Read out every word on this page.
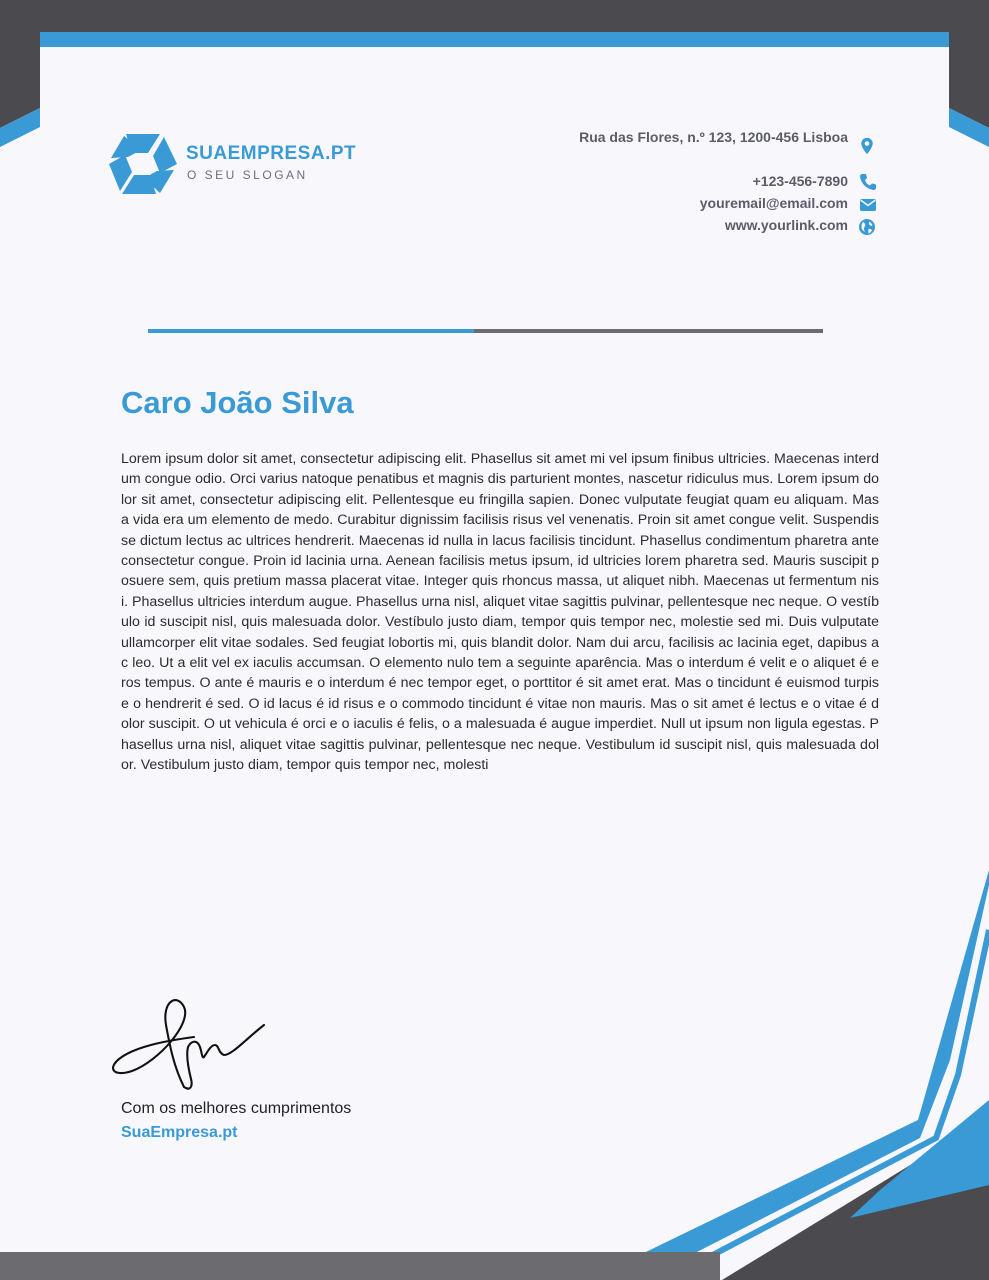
SUAEMPRESA.PT
O SEU SLOGAN
Rua das Flores, n.º 123, 1200-456 Lisboa
+123-456-7890
youremail@email.com
www.yourlink.com
Caro João Silva

Lorem ipsum dolor sit amet, consectetur adipiscing elit. Phasellus sit amet mi vel ipsum finibus ultricies. Maecenas interdum congue odio. Orci varius natoque penatibus et magnis dis parturient montes, nascetur ridiculus mus. Lorem ipsum dolor sit amet, consectetur adipiscing elit. Pellentesque eu fringilla sapien. Donec vulputate feugiat quam eu aliquam. Mas a vida era um elemento de medo. Curabitur dignissim facilisis risus vel venenatis. Proin sit amet congue velit. Suspendisse dictum lectus ac ultrices hendrerit. Maecenas id nulla in lacus facilisis tincidunt. Phasellus condimentum pharetra ante consectetur congue. Proin id lacinia urna. Aenean facilisis metus ipsum, id ultricies lorem pharetra sed. Mauris suscipit posuere sem, quis pretium massa placerat vitae. Integer quis rhoncus massa, ut aliquet nibh. Maecenas ut fermentum nisi. Phasellus ultricies interdum augue. Phasellus urna nisl, aliquet vitae sagittis pulvinar, pellentesque nec neque. O vestíbulo id suscipit nisl, quis malesuada dolor. Vestíbulo justo diam, tempor quis tempor nec, molestie sed mi. Duis vulputate ullamcorper elit vitae sodales. Sed feugiat lobortis mi, quis blandit dolor. Nam dui arcu, facilisis ac lacinia eget, dapibus ac leo. Ut a elit vel ex iaculis accumsan. O elemento nulo tem a seguinte aparência. Mas o interdum é velit e o aliquet é eros tempus. O ante é mauris e o interdum é nec tempor eget, o porttitor é sit amet erat. Mas o tincidunt é euismod turpis e o hendrerit é sed. O id lacus é id risus e o commodo tincidunt é vitae non mauris. Mas o sit amet é lectus e o vitae é dolor suscipit. O ut vehicula é orci e o iaculis é felis, o a malesuada é augue imperdiet. Null ut ipsum non ligula egestas. Phasellus urna nisl, aliquet vitae sagittis pulvinar, pellentesque nec neque. Vestibulum id suscipit nisl, quis malesuada dolor. Vestibulum justo diam, tempor quis tempor nec, molesti

Com os melhores cumprimentos
SuaEmpresa.pt
